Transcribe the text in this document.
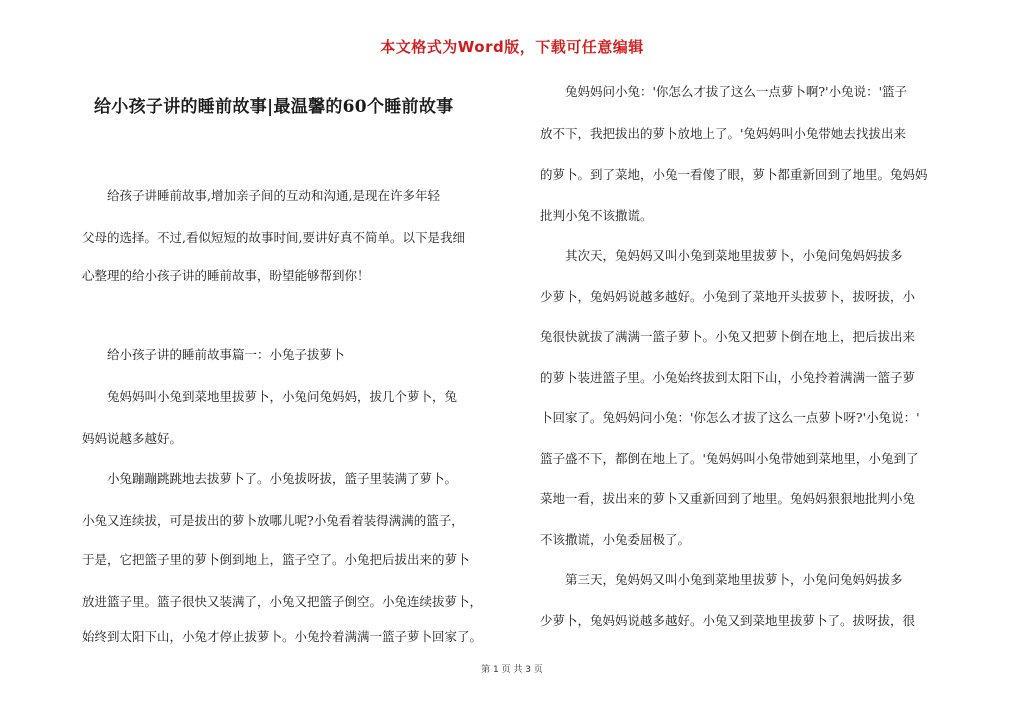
本文格式为Word版，下载可任意编辑
给小孩子讲的睡前故事|最温馨的60个睡前故事
　　给孩子讲睡前故事,增加亲子间的互动和沟通,是现在许多年轻
父母的选择。不过,看似短短的故事时间,要讲好真不简单。以下是我细
心整理的给小孩子讲的睡前故事，盼望能够帮到你！
　　给小孩子讲的睡前故事篇一：小兔子拔萝卜
　　兔妈妈叫小兔到菜地里拔萝卜，小兔问兔妈妈，拔几个萝卜，兔
妈妈说越多越好。
　　小兔蹦蹦跳跳地去拔萝卜了。小兔拔呀拔，篮子里装满了萝卜。
小兔又连续拔，可是拔出的萝卜放哪儿呢?小兔看着装得满满的篮子，
于是，它把篮子里的萝卜倒到地上，篮子空了。小兔把后拔出来的萝卜
放进篮子里。篮子很快又装满了，小兔又把篮子倒空。小兔连续拔萝卜，
始终到太阳下山，小兔才停止拔萝卜。小兔拎着满满一篮子萝卜回家了。
　　兔妈妈问小兔：'你怎么才拔了这么一点萝卜啊?'小兔说：'篮子
放不下，我把拔出的萝卜放地上了。'兔妈妈叫小兔带她去找拔出来
的萝卜。到了菜地，小兔一看傻了眼，萝卜都重新回到了地里。兔妈妈
批判小兔不该撒谎。
　　其次天，兔妈妈又叫小兔到菜地里拔萝卜，小兔问兔妈妈拔多
少萝卜，兔妈妈说越多越好。小兔到了菜地开头拔萝卜，拔呀拔，小
兔很快就拔了满满一篮子萝卜。小兔又把萝卜倒在地上，把后拔出来
的萝卜装进篮子里。小兔始终拔到太阳下山，小兔拎着满满一篮子萝
卜回家了。兔妈妈问小兔：'你怎么才拔了这么一点萝卜呀?'小兔说：'
篮子盛不下，都倒在地上了。'兔妈妈叫小兔带她到菜地里，小兔到了
菜地一看，拔出来的萝卜又重新回到了地里。兔妈妈狠狠地批判小兔
不该撒谎，小兔委屈极了。
　　第三天，兔妈妈又叫小兔到菜地里拔萝卜，小兔问兔妈妈拔多
少萝卜，兔妈妈说越多越好。小兔又到菜地里拔萝卜了。拔呀拔，很
第 1 页 共 3 页
